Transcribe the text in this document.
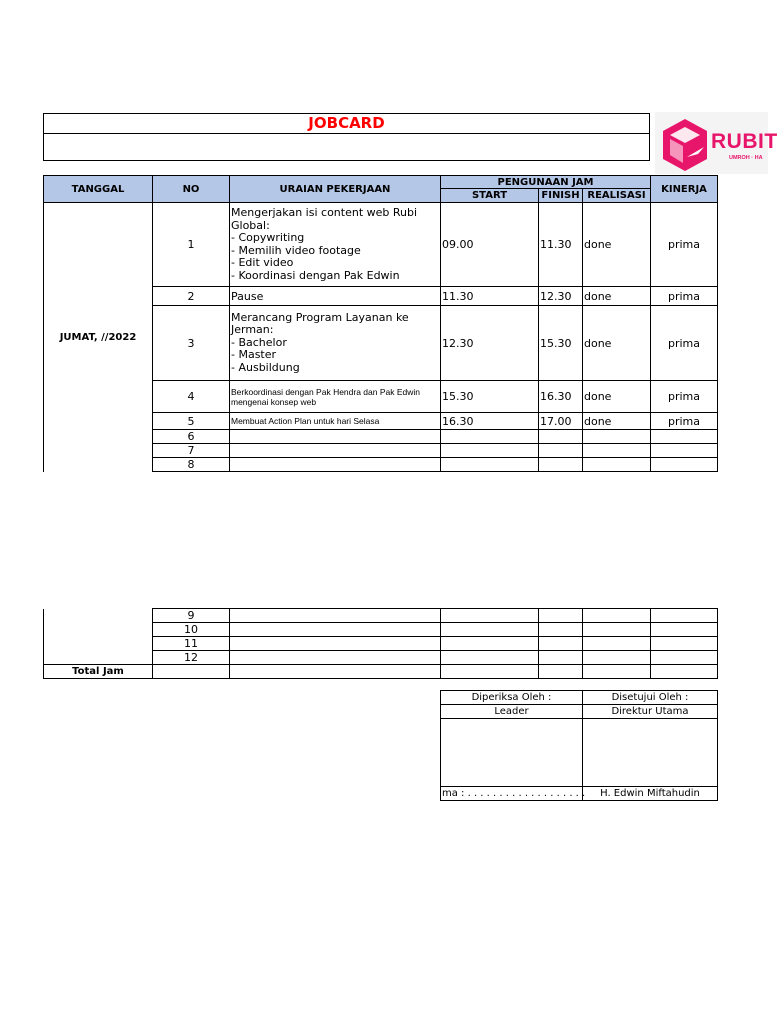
JOBCARD
RUBIT
UMROH · HA
TANGGAL	NO	URAIAN PEKERJAAN	PENGUNAAN JAM			KINERJA
			START	FINISH	REALISASI	
JUMAT, //2022	1	Mengerjakan isi content web Rubi Global:
- Copywriting
- Memilih video footage
- Edit video
- Koordinasi dengan Pak Edwin	09.00	11.30	done	prima
	2	Pause	11.30	12.30	done	prima
	3	Merancang Program Layanan ke Jerman:
- Bachelor
- Master
- Ausbildung	12.30	15.30	done	prima
	4	Berkoordinasi dengan Pak Hendra dan Pak Edwin mengenai konsep web	15.30	16.30	done	prima
	5	Membuat Action Plan untuk hari Selasa	16.30	17.00	done	prima
	6					
	7					
	8					
	9					
	10					
	11					
	12					
Total Jam						
Diperiksa Oleh :	Disetujui Oleh :
Leader	Direktur Utama

ma : . . . . . . . . . . . . . . . . . . .	H. Edwin Miftahudin
